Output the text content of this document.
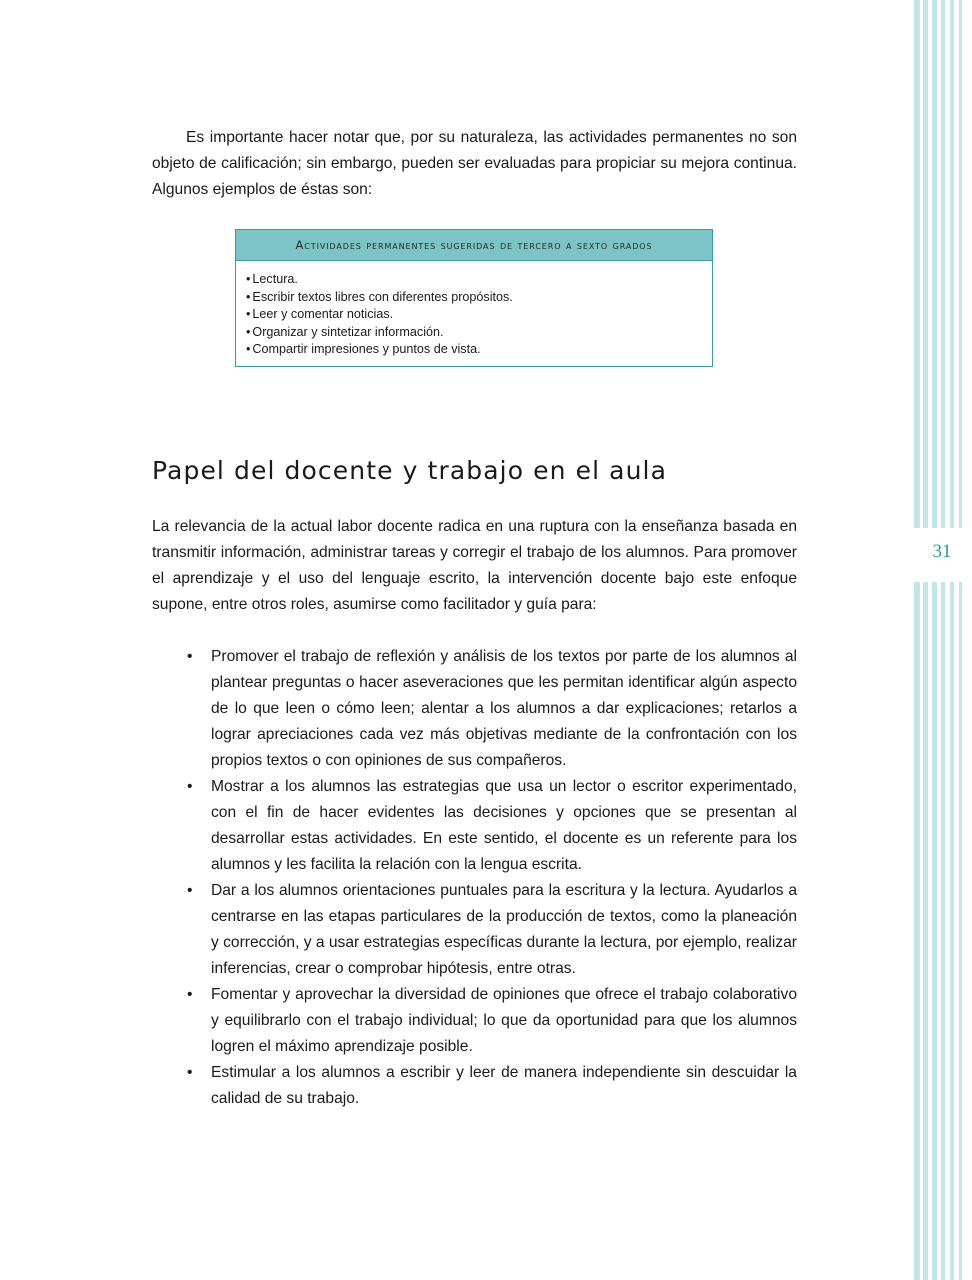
Es importante hacer notar que, por su naturaleza, las actividades permanentes no son objeto de calificación; sin embargo, pueden ser evaluadas para propiciar su mejora continua. Algunos ejemplos de éstas son:

Actividades permanentes sugeridas de tercero a sexto grados
• Lectura.
• Escribir textos libres con diferentes propósitos.
• Leer y comentar noticias.
• Organizar y sintetizar información.
• Compartir impresiones y puntos de vista.
Papel del docente y trabajo en el aula

La relevancia de la actual labor docente radica en una ruptura con la enseñanza basada en transmitir información, administrar tareas y corregir el trabajo de los alumnos. Para promover el aprendizaje y el uso del lenguaje escrito, la intervención docente bajo este enfoque supone, entre otros roles, asumirse como facilitador y guía para:

• Promover el trabajo de reflexión y análisis de los textos por parte de los alumnos al plantear preguntas o hacer aseveraciones que les permitan identificar algún aspecto de lo que leen o cómo leen; alentar a los alumnos a dar explicaciones; retarlos a lograr apreciaciones cada vez más objetivas mediante de la confrontación con los propios textos o con opiniones de sus compañeros.
• Mostrar a los alumnos las estrategias que usa un lector o escritor experimentado, con el fin de hacer evidentes las decisiones y opciones que se presentan al desarrollar estas actividades. En este sentido, el docente es un referente para los alumnos y les facilita la relación con la lengua escrita.
• Dar a los alumnos orientaciones puntuales para la escritura y la lectura. Ayudarlos a centrarse en las etapas particulares de la producción de textos, como la planeación y corrección, y a usar estrategias específicas durante la lectura, por ejemplo, realizar inferencias, crear o comprobar hipótesis, entre otras.
• Fomentar y aprovechar la diversidad de opiniones que ofrece el trabajo colaborativo y equilibrarlo con el trabajo individual; lo que da oportunidad para que los alumnos logren el máximo aprendizaje posible.
• Estimular a los alumnos a escribir y leer de manera independiente sin descuidar la calidad de su trabajo.
31
